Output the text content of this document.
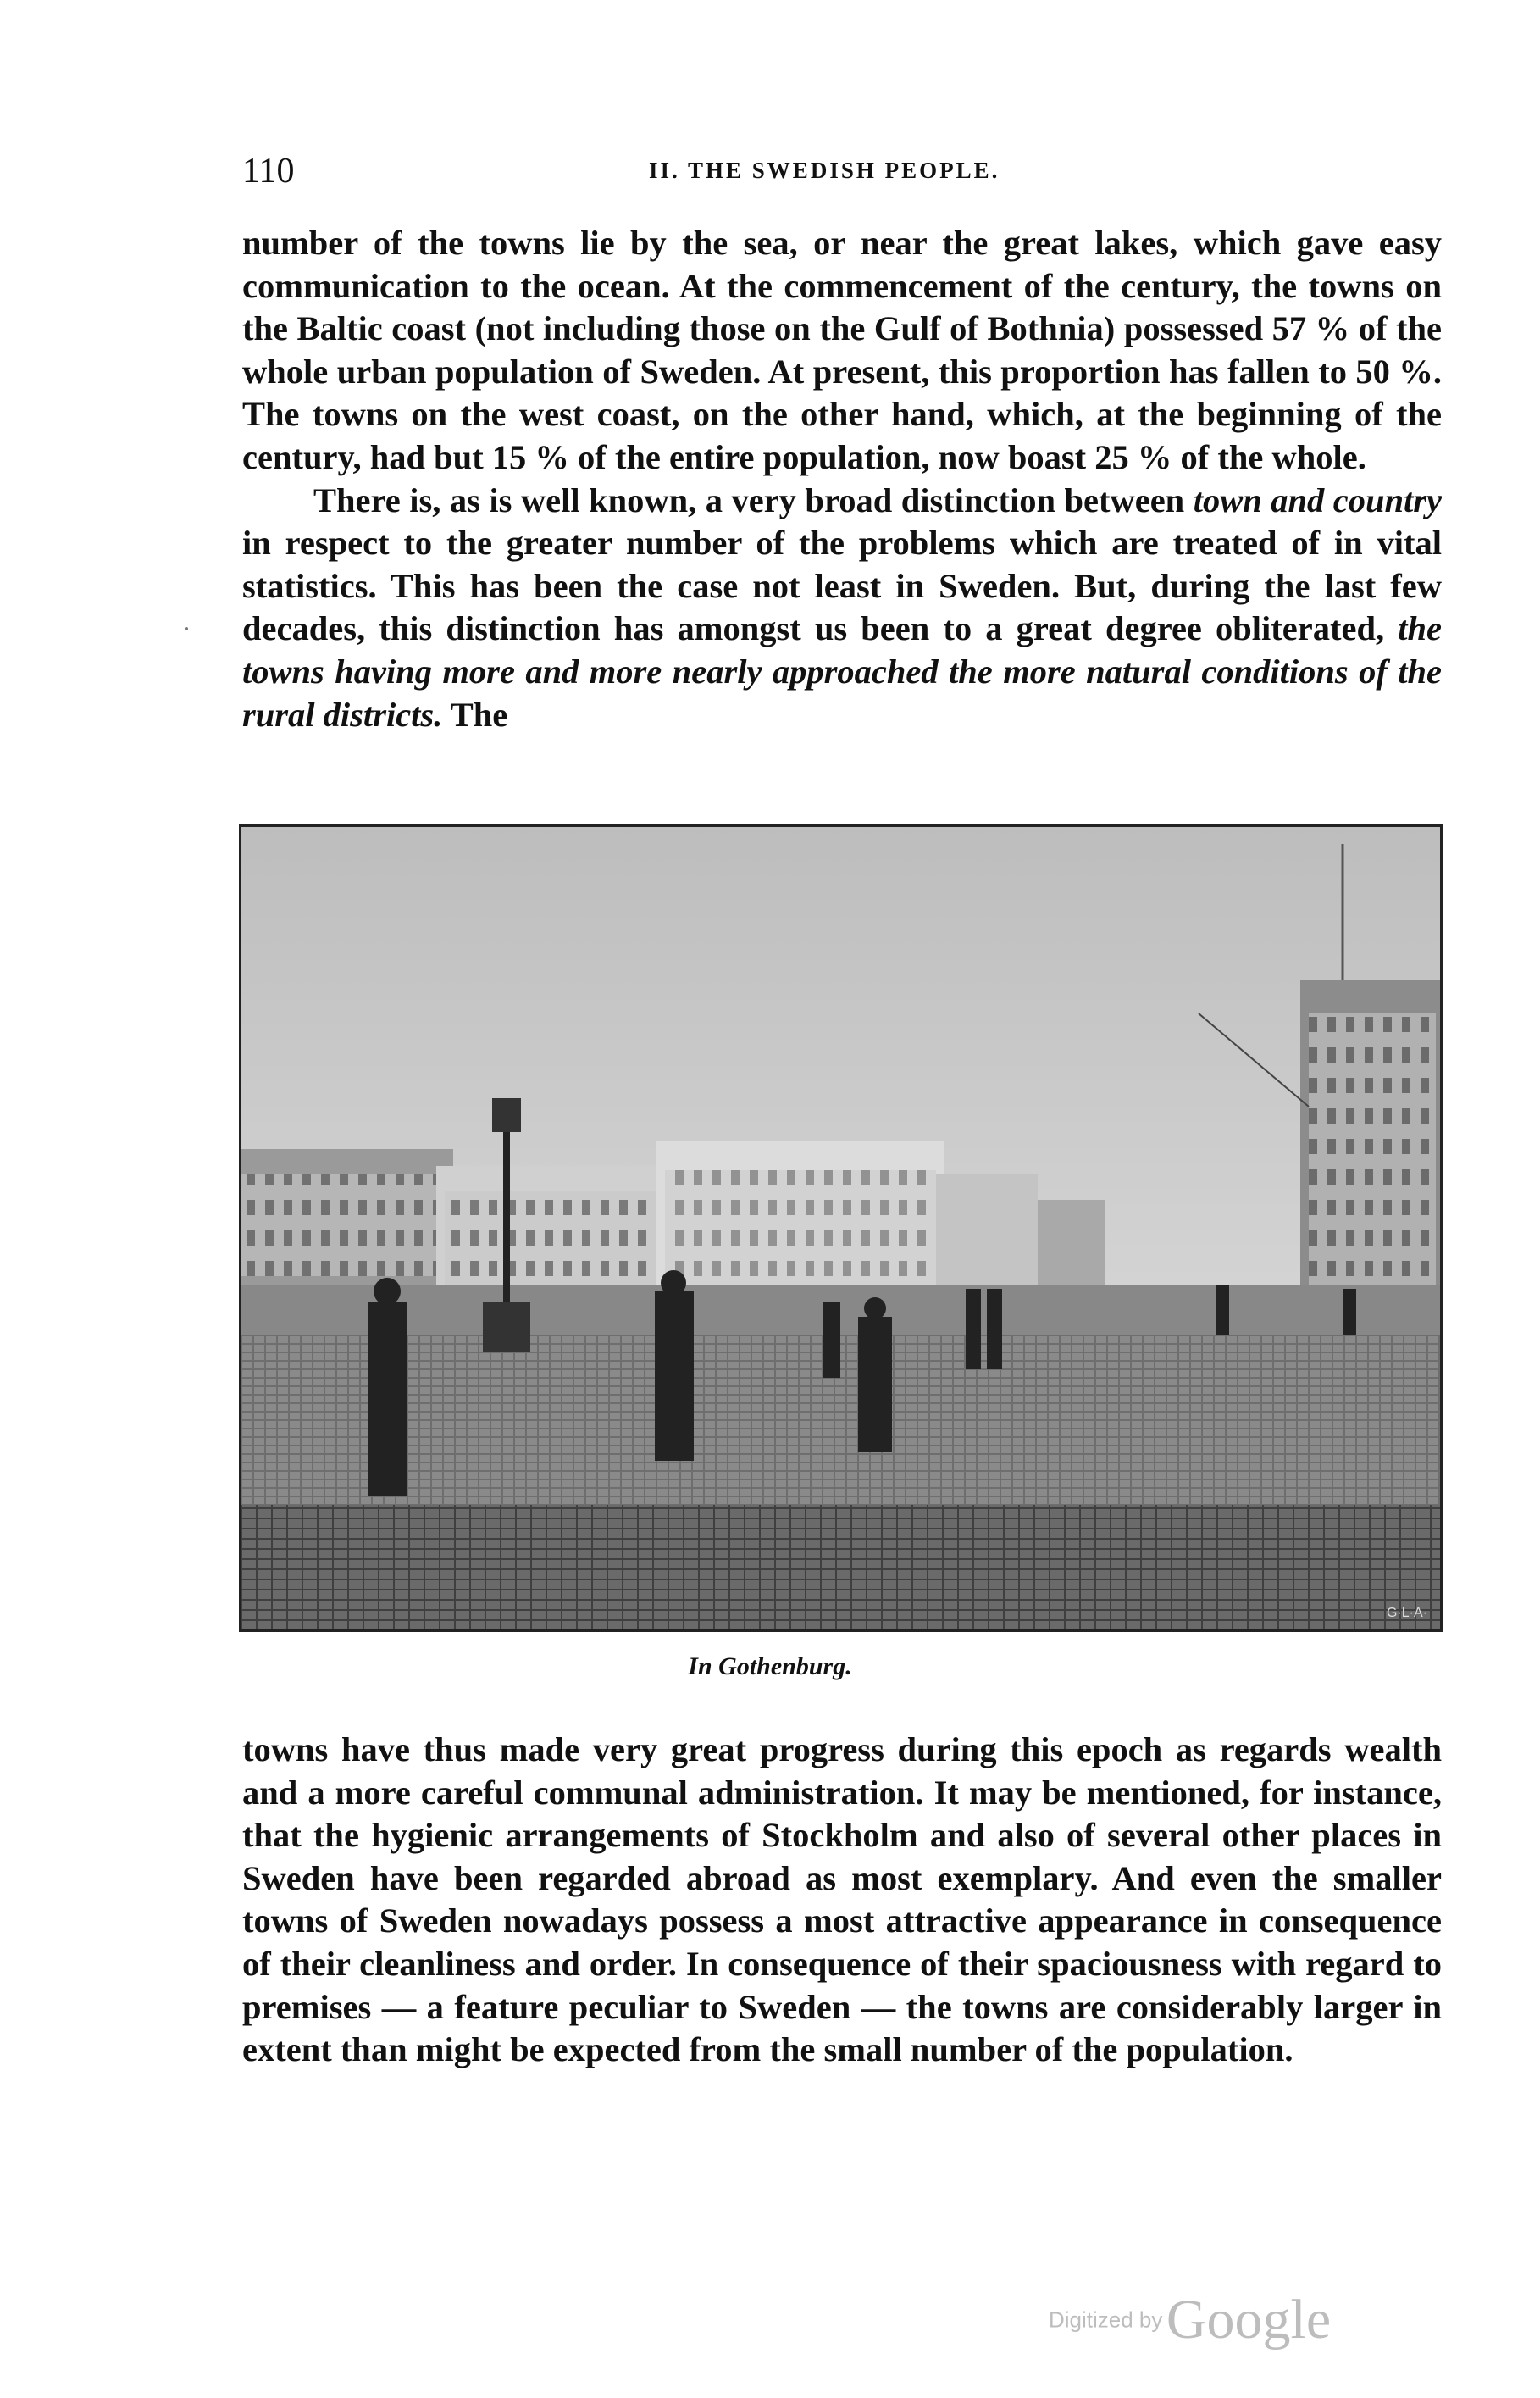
110	II. THE SWEDISH PEOPLE.

number of the towns lie by the sea, or near the great lakes, which gave easy communication to the ocean. At the commencement of the century, the towns on the Baltic coast (not including those on the Gulf of Bothnia) possessed 57 % of the whole urban population of Sweden. At present, this proportion has fallen to 50 %. The towns on the west coast, on the other hand, which, at the beginning of the century, had but 15 % of the entire population, now boast 25 % of the whole.

There is, as is well known, a very broad distinction between town and country in respect to the greater number of the problems which are treated of in vital statistics. This has been the case not least in Sweden. But, during the last few decades, this distinction has amongst us been to a great degree obliterated, the towns having more and more nearly approached the more natural conditions of the rural districts. The

G·L·A·
In Gothenburg.

towns have thus made very great progress during this epoch as regards wealth and a more careful communal administration. It may be mentioned, for instance, that the hygienic arrangements of Stockholm and also of several other places in Sweden have been regarded abroad as most exemplary. And even the smaller towns of Sweden nowadays possess a most attractive appearance in consequence of their cleanliness and order. In consequence of their spaciousness with regard to premises — a feature peculiar to Sweden — the towns are considerably larger in extent than might be expected from the small number of the population.

Digitized by Google
